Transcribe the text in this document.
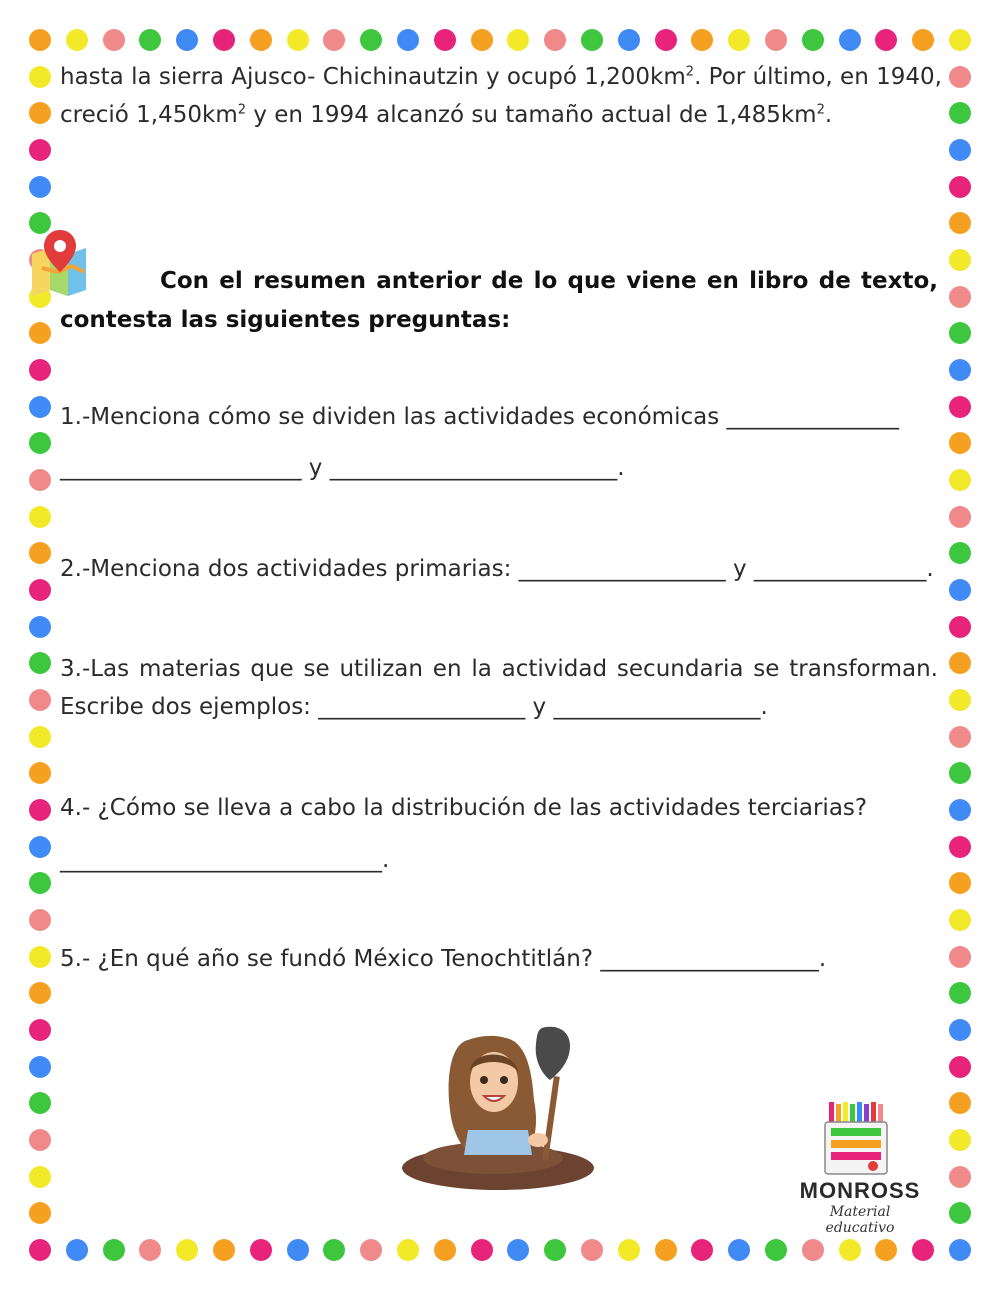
hasta la sierra Ajusco- Chichinautzin y ocupó $1,200km^2$. Por último, en 1940,
creció $1,450km^2$ y en 1994 alcanzó su tamaño actual de $1,485km^2$.
Con el resumen anterior de lo que viene en libro de texto,
contesta las siguientes preguntas:
1.-Menciona cómo se dividen las actividades económicas _______________
_____________________ y _________________________.
2.-Menciona dos actividades primarias: __________________ y _______________.
3.-Las materias que se utilizan en la actividad secundaria se transforman.
Escribe dos ejemplos: __________________ y __________________.
4.- ¿Cómo se lleva a cabo la distribución de las actividades terciarias?
____________________________.
5.- ¿En qué año se fundó México Tenochtitlán? ___________________.
MONROSS
Material educativo
